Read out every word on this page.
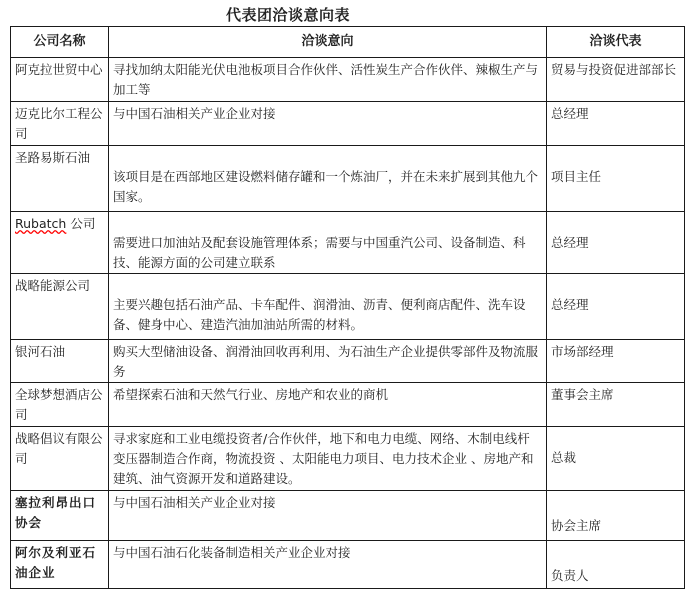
代表团洽谈意向表
公司名称	洽谈意向	洽谈代表

阿克拉世贸中心	寻找加纳太阳能光伏电池板项目合作伙伴、活性炭生产合作伙伴、辣椒生产与加工等	贸易与投资促进部部长

迈克比尔工程公司	与中国石油相关产业企业对接	总经理

圣路易斯石油	该项目是在西部地区建设燃料储存罐和一个炼油厂，并在未来扩展到其他九个国家。	项目主任

Rubatch 公司	需要进口加油站及配套设施管理体系；需要与中国重汽公司、设备制造、科技、能源方面的公司建立联系	总经理

战略能源公司	主要兴趣包括石油产品、卡车配件、润滑油、沥青、便利商店配件、洗车设备、健身中心、建造汽油加油站所需的材料。	总经理

银河石油	购买大型储油设备、润滑油回收再利用、为石油生产企业提供零部件及物流服务	市场部经理

全球梦想酒店公司	希望探索石油和天然气行业、房地产和农业的商机	董事会主席

战略倡议有限公司	寻求家庭和工业电缆投资者/合作伙伴，地下和电力电缆、网络、木制电线杆变压器制造合作商，物流投资 、太阳能电力项目、电力技术企业 、房地产和建筑、油气资源开发和道路建设。	总裁

塞拉利昂出口协会	与中国石油相关产业企业对接	协会主席

阿尔及利亚石油企业	与中国石油石化装备制造相关产业企业对接	负责人
